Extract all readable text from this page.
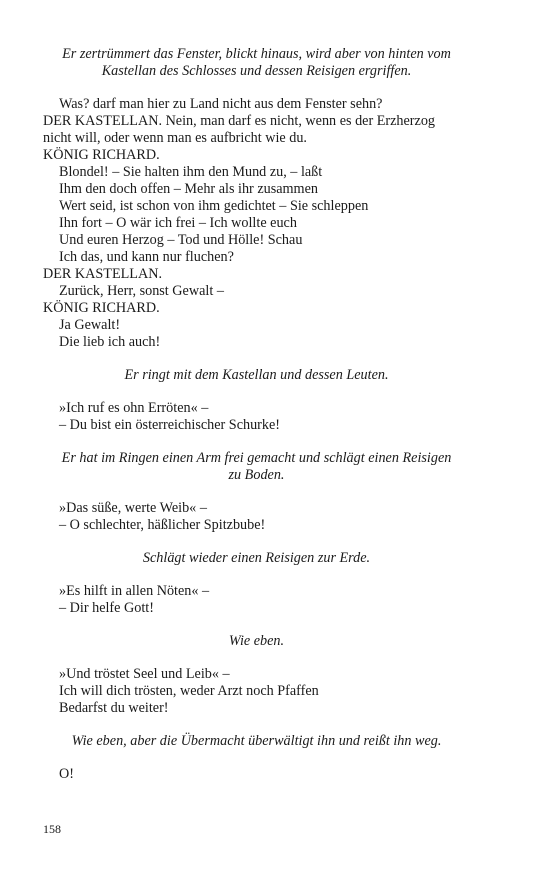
Er zertrümmert das Fenster, blickt hinaus, wird aber von hinten vom
Kastellan des Schlosses und dessen Reisigen ergriffen.
Was? darf man hier zu Land nicht aus dem Fenster sehn?
DER KASTELLAN. Nein, man darf es nicht, wenn es der Erzherzog
nicht will, oder wenn man es aufbricht wie du.
KÖNIG RICHARD.
Blondel! – Sie halten ihm den Mund zu, – laßt
Ihm den doch offen – Mehr als ihr zusammen
Wert seid, ist schon von ihm gedichtet – Sie schleppen
Ihn fort – O wär ich frei – Ich wollte euch
Und euren Herzog – Tod und Hölle! Schau
Ich das, und kann nur fluchen?
DER KASTELLAN.
Zurück, Herr, sonst Gewalt –
KÖNIG RICHARD.
Ja Gewalt!
Die lieb ich auch!
Er ringt mit dem Kastellan und dessen Leuten.
»Ich ruf es ohn Erröten« –
– Du bist ein österreichischer Schurke!
Er hat im Ringen einen Arm frei gemacht und schlägt einen Reisigen
zu Boden.
»Das süße, werte Weib« –
– O schlechter, häßlicher Spitzbube!
Schlägt wieder einen Reisigen zur Erde.
»Es hilft in allen Nöten« –
– Dir helfe Gott!
Wie eben.
»Und tröstet Seel und Leib« –
Ich will dich trösten, weder Arzt noch Pfaffen
Bedarfst du weiter!
Wie eben, aber die Übermacht überwältigt ihn und reißt ihn weg.
O!
158
